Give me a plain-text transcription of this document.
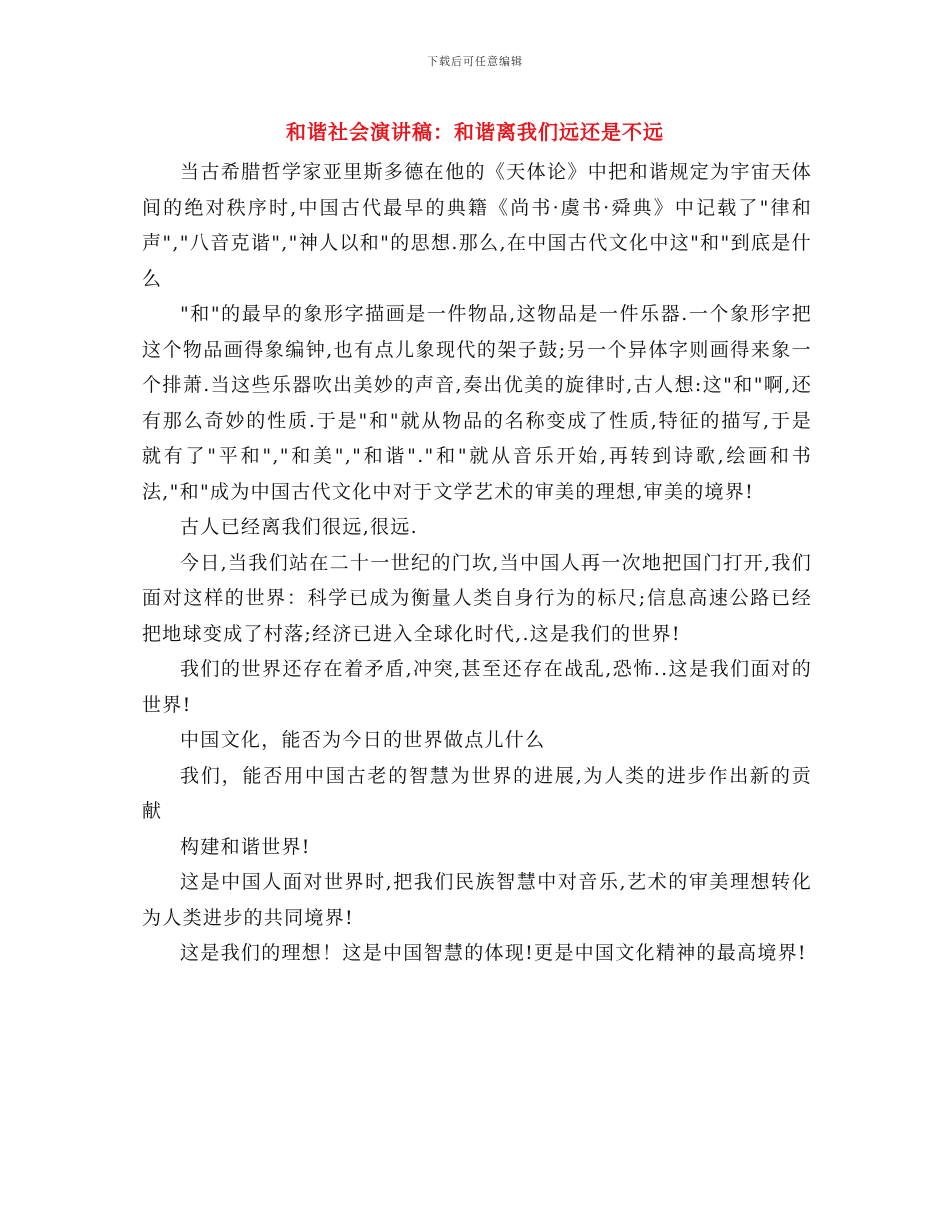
下载后可任意编辑
和谐社会演讲稿：和谐离我们远还是不远

当古希腊哲学家亚里斯多德在他的《天体论》中把和谐规定为宇宙天体间的绝对秩序时,中国古代最早的典籍《尚书·虞书·舜典》中记载了"律和声","八音克谐","神人以和"的思想.那么,在中国古代文化中这"和"到底是什么

"和"的最早的象形字描画是一件物品,这物品是一件乐器.一个象形字把这个物品画得象编钟,也有点儿象现代的架子鼓;另一个异体字则画得来象一个排萧.当这些乐器吹出美妙的声音,奏出优美的旋律时,古人想:这"和"啊,还有那么奇妙的性质.于是"和"就从物品的名称变成了性质,特征的描写,于是就有了"平和","和美","和谐"."和"就从音乐开始,再转到诗歌,绘画和书法,"和"成为中国古代文化中对于文学艺术的审美的理想,审美的境界!

古人已经离我们很远,很远.

今日,当我们站在二十一世纪的门坎,当中国人再一次地把国门打开,我们面对这样的世界：科学已成为衡量人类自身行为的标尺;信息高速公路已经把地球变成了村落;经济已进入全球化时代,.这是我们的世界!

我们的世界还存在着矛盾,冲突,甚至还存在战乱,恐怖..这是我们面对的世界!

中国文化，能否为今日的世界做点儿什么

我们，能否用中国古老的智慧为世界的进展,为人类的进步作出新的贡献

构建和谐世界!

这是中国人面对世界时,把我们民族智慧中对音乐,艺术的审美理想转化为人类进步的共同境界!

这是我们的理想！这是中国智慧的体现!更是中国文化精神的最高境界!
